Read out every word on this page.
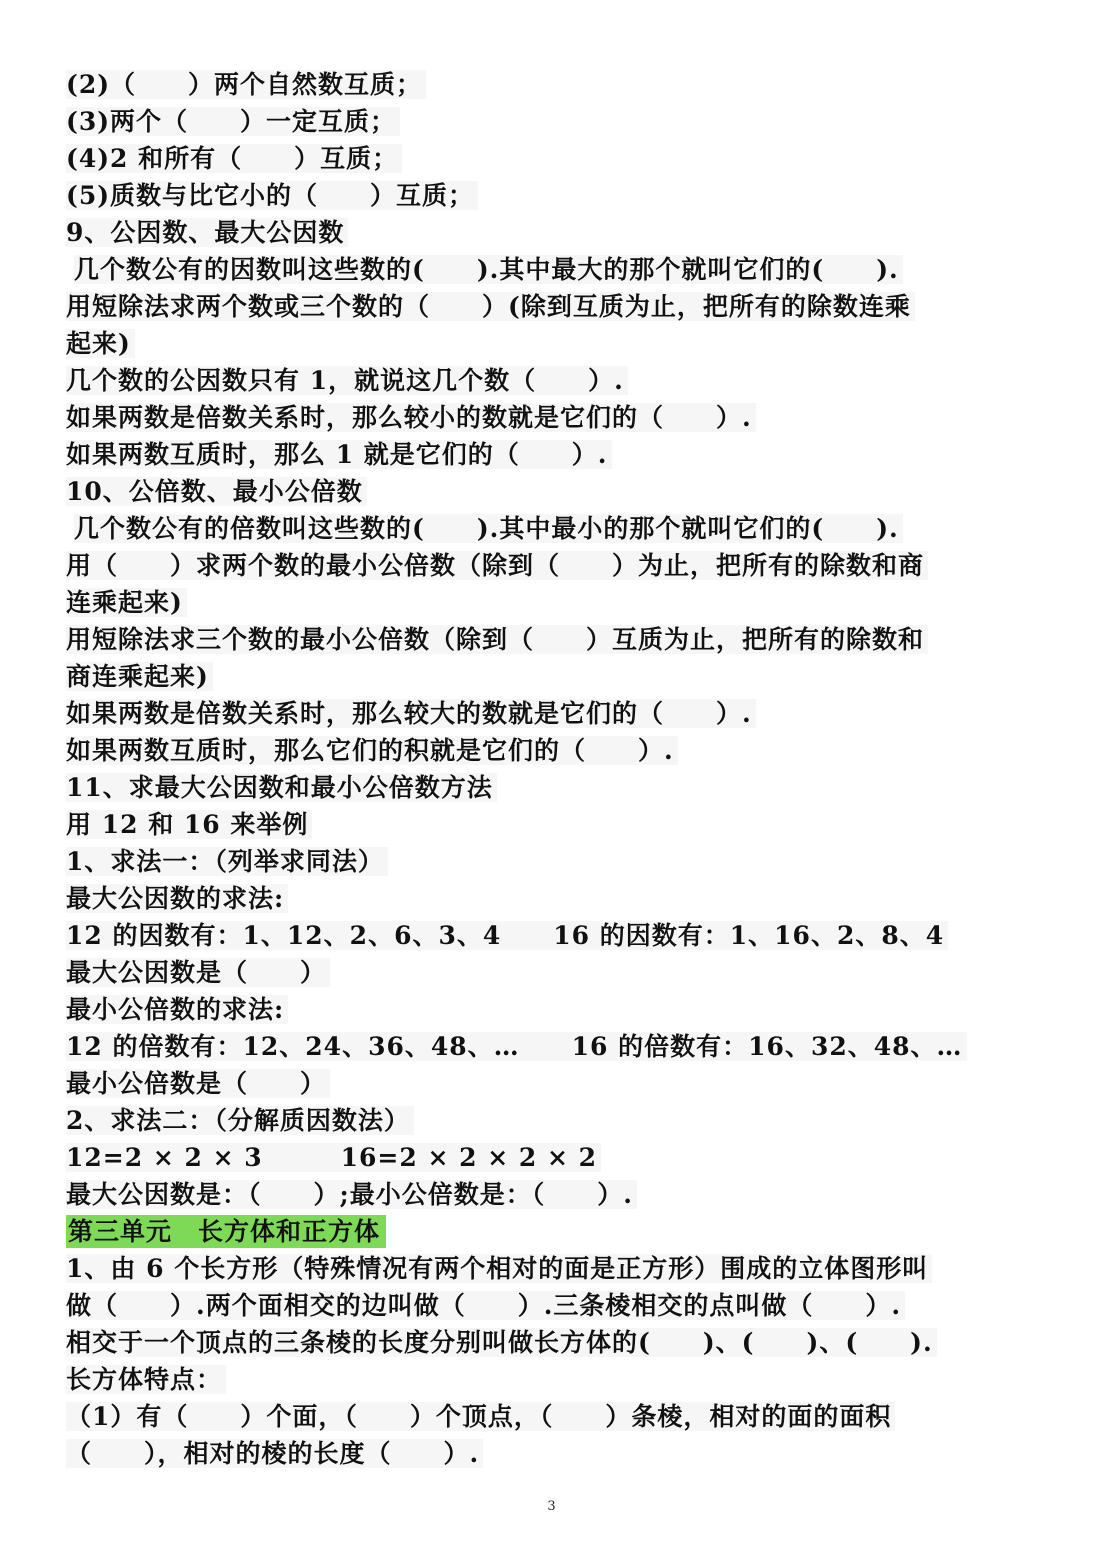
(2)（　　）两个自然数互质；
(3)两个（　　）一定互质；
(4)2 和所有（　　）互质；
(5)质数与比它小的（　　）互质；
9、公因数、最大公因数
几个数公有的因数叫这些数的(　　).其中最大的那个就叫它们的(　　).
用短除法求两个数或三个数的（　　）(除到互质为止，把所有的除数连乘
起来)
几个数的公因数只有 1，就说这几个数（　　）.
如果两数是倍数关系时，那么较小的数就是它们的（　　）.
如果两数互质时，那么 1 就是它们的（　　）.
10、公倍数、最小公倍数
几个数公有的倍数叫这些数的(　　).其中最小的那个就叫它们的(　　).
用（　　）求两个数的最小公倍数（除到（　　）为止，把所有的除数和商
连乘起来)
用短除法求三个数的最小公倍数（除到（　　）互质为止，把所有的除数和
商连乘起来)
如果两数是倍数关系时，那么较大的数就是它们的（　　）.
如果两数互质时，那么它们的积就是它们的（　　）.
11、求最大公因数和最小公倍数方法
用 12 和 16 来举例
1、求法一：（列举求同法）
最大公因数的求法:
12 的因数有：1、12、2、6、3、4　　16 的因数有：1、16、2、8、4
最大公因数是（　　）
最小公倍数的求法:
12 的倍数有：12、24、36、48、…　　16 的倍数有：16、32、48、…
最小公倍数是（　　）
2、求法二：（分解质因数法）
12=2 × 2 × 3　　　16=2 × 2 × 2 × 2
最大公因数是：（　　）;最小公倍数是：（　　）.
第三单元　长方体和正方体
1、由 6 个长方形（特殊情况有两个相对的面是正方形）围成的立体图形叫
做（　　）.两个面相交的边叫做（　　）.三条棱相交的点叫做（　　）.
相交于一个顶点的三条棱的长度分别叫做长方体的(　　)、(　　)、(　　).
长方体特点：
（1）有（　　）个面，（　　）个顶点，（　　）条棱，相对的面的面积
（　　），相对的棱的长度（　　）.
3
